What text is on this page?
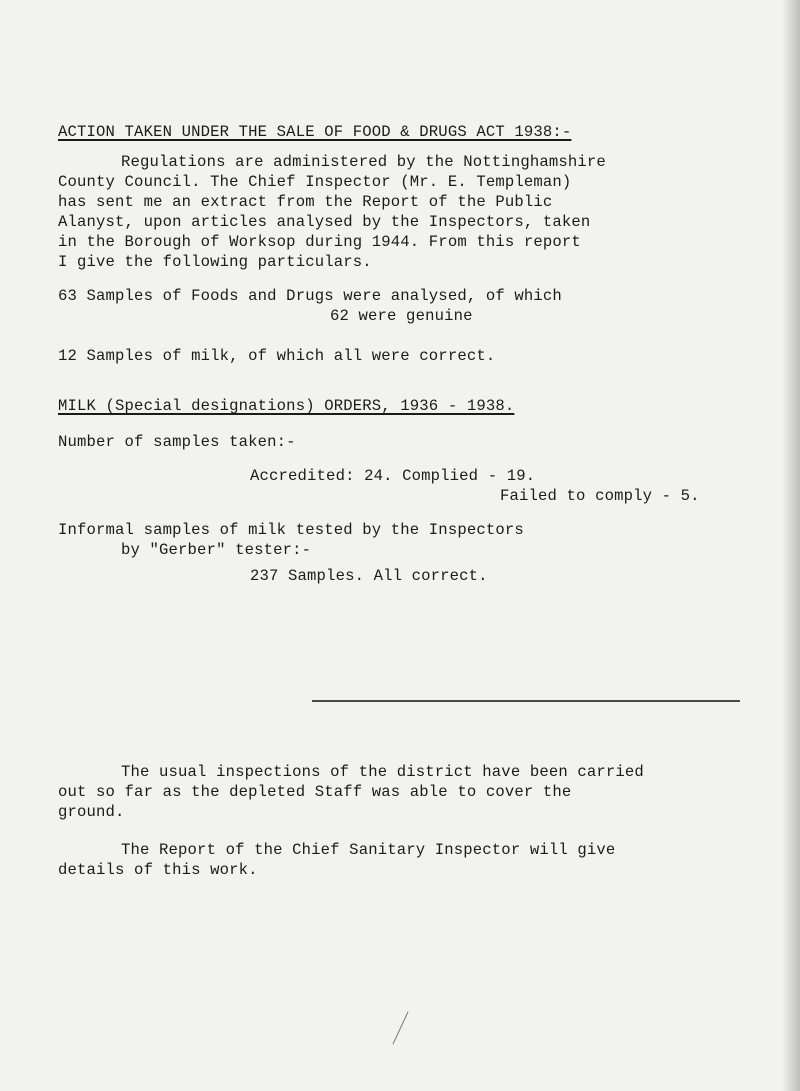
ACTION TAKEN UNDER THE SALE OF FOOD & DRUGS ACT 1938:-
Regulations are administered by the Nottinghamshire
County Council. The Chief Inspector (Mr. E. Templeman)
has sent me an extract from the Report of the Public
Alanyst, upon articles analysed by the Inspectors, taken
in the Borough of Worksop during 1944. From this report
I give the following particulars.
63 Samples of Foods and Drugs were analysed, of which
62 were genuine
12 Samples of milk, of which all were correct.
MILK (Special designations) ORDERS, 1936 - 1938.
Number of samples taken:-
Accredited: 24. Complied - 19.
Failed to comply - 5.
Informal samples of milk tested by the Inspectors
by "Gerber" tester:-
237 Samples. All correct.
The usual inspections of the district have been carried
out so far as the depleted Staff was able to cover the
ground.
The Report of the Chief Sanitary Inspector will give
details of this work.
